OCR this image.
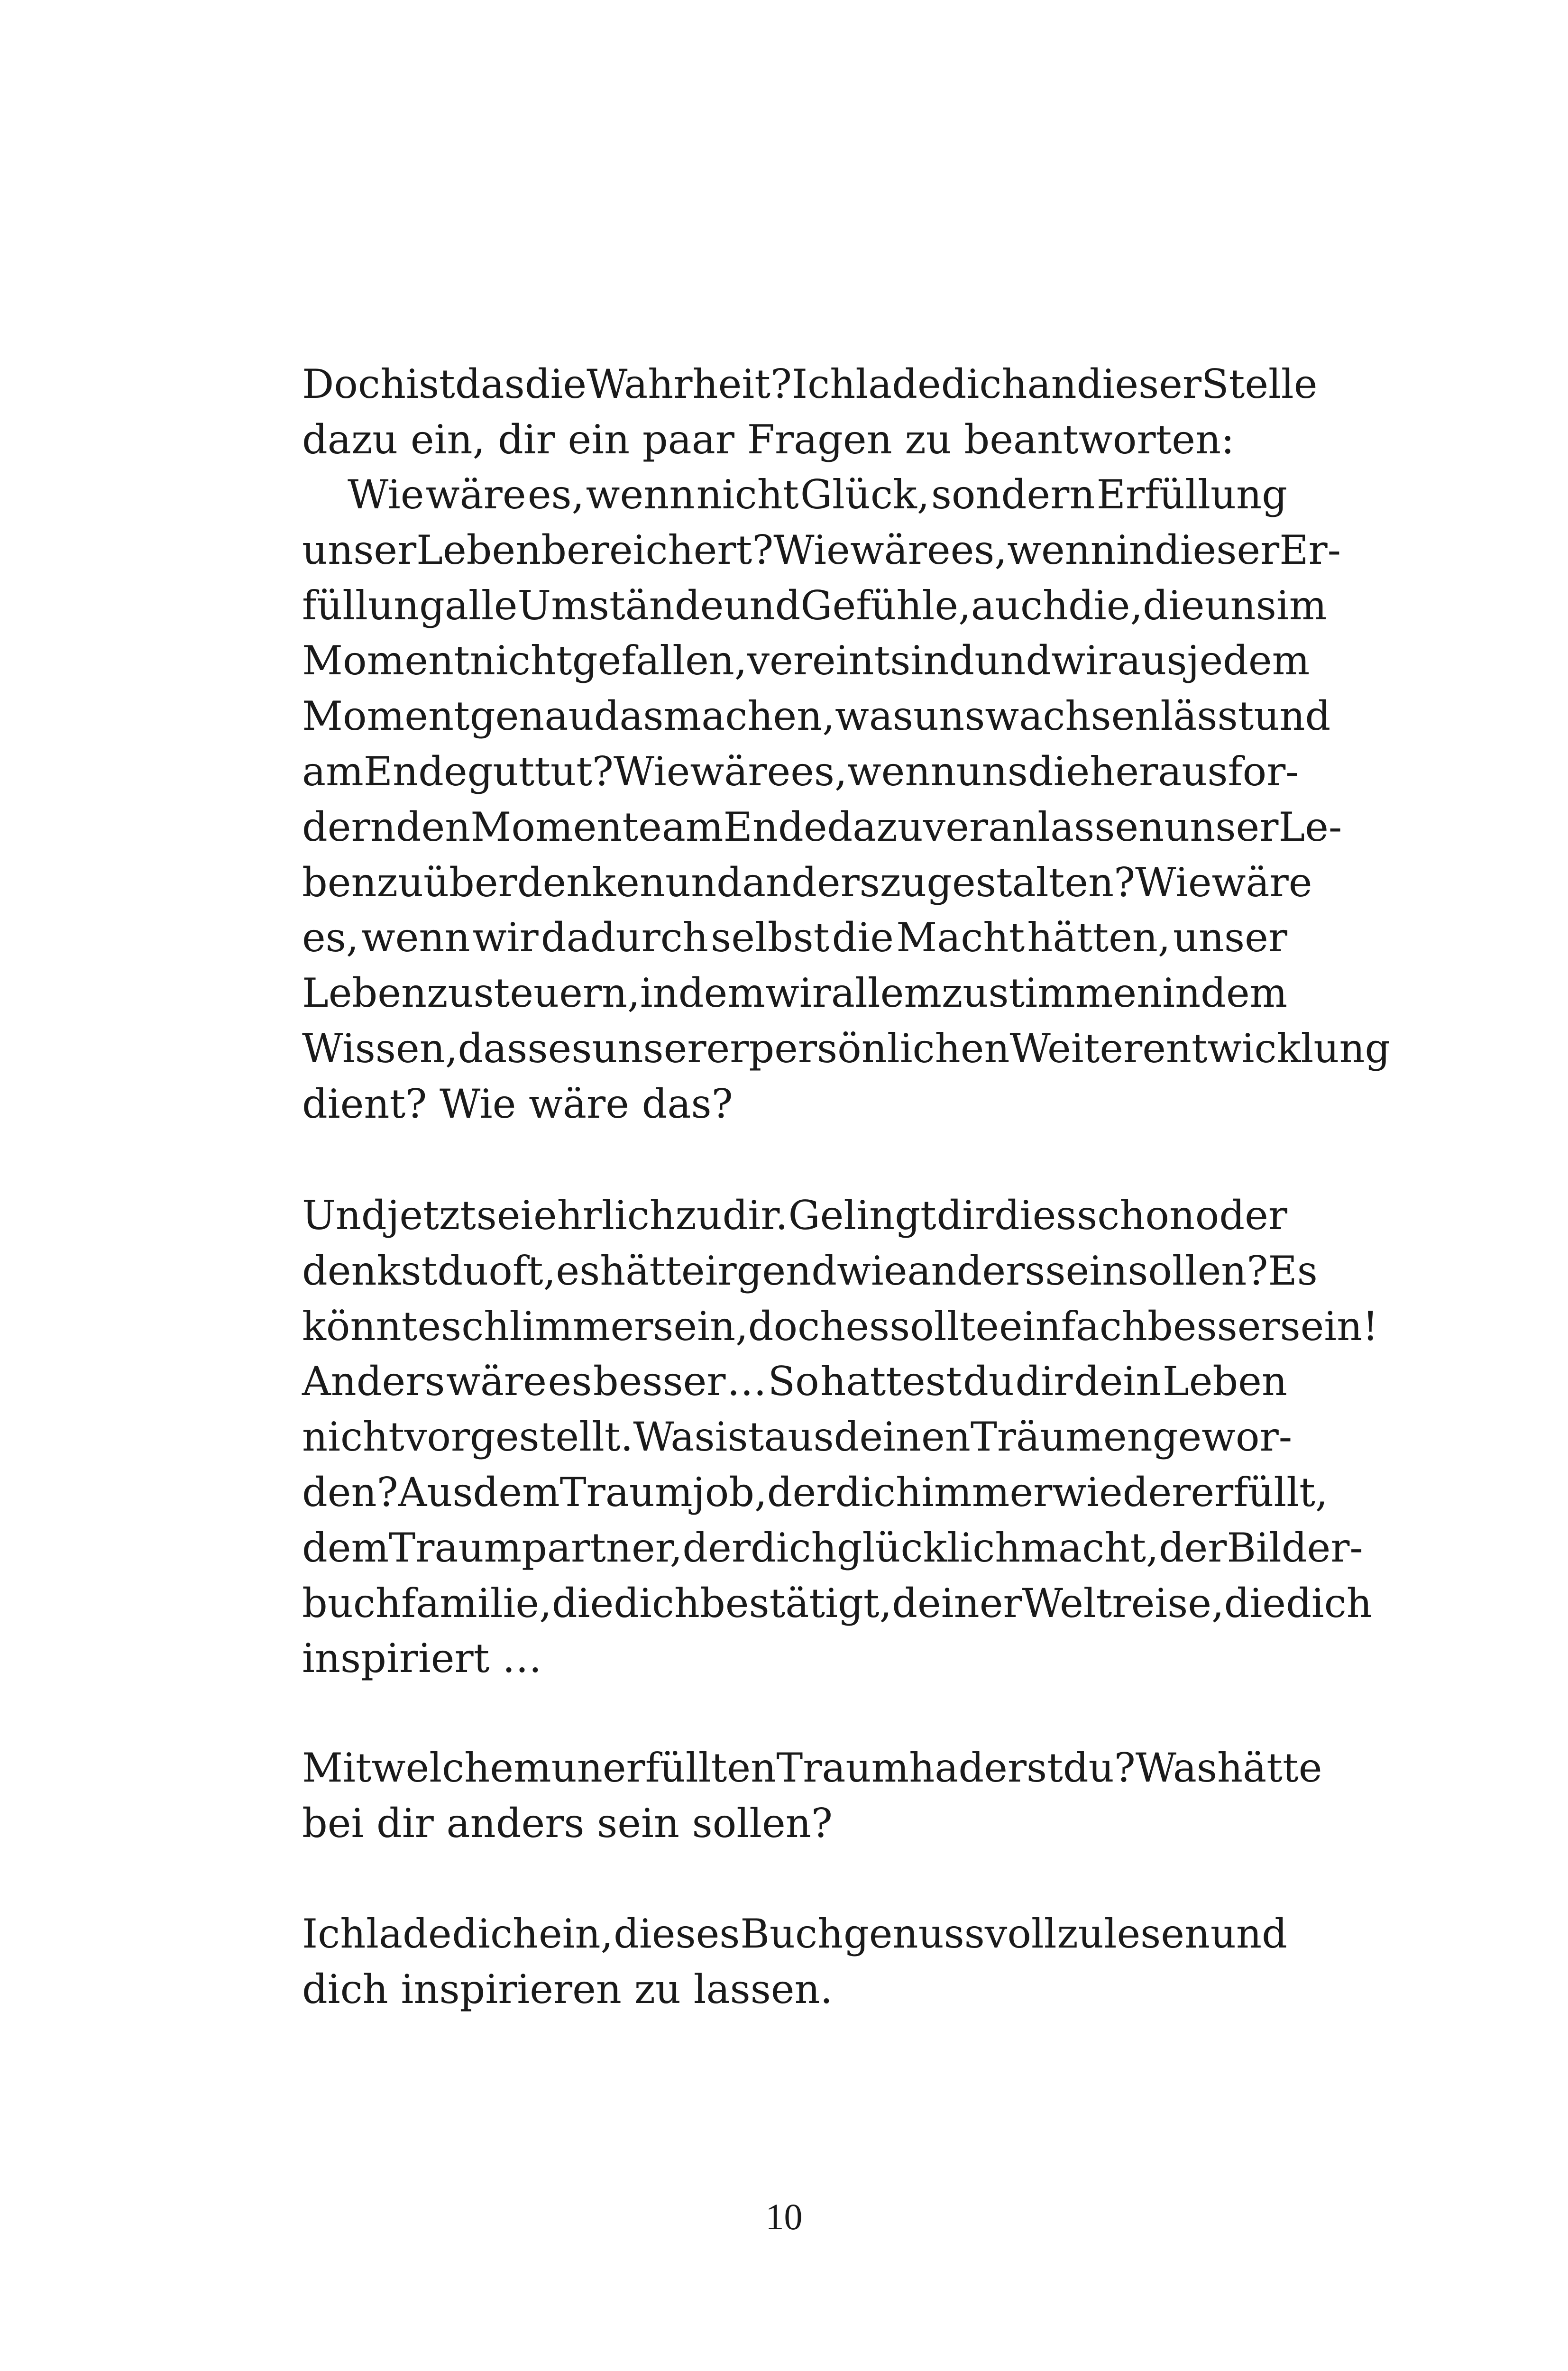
Doch ist das die Wahrheit? Ich lade dich an dieser Stelle
dazu ein, dir ein paar Fragen zu beantworten:
Wie wäre es, wenn nicht Glück, sondern Erfüllung
unser Leben bereichert? Wie wäre es, wenn in dieser Er-
füllung alle Umstände und Gefühle, auch die, die uns im
Moment nicht gefallen, vereint sind und wir aus jedem
Moment genau das machen, was uns wachsen lässt und
am Ende guttut? Wie wäre es, wenn uns die herausfor-
dernden Momente am Ende dazu veranlassen unser Le-
ben zu überdenken und anders zu gestalten? Wie wäre
es, wenn wir dadurch selbst die Macht hätten, unser
Leben zu steuern, indem wir allem zustimmen in dem
Wissen, dass es unserer persönlichen Weiterentwicklung
dient? Wie wäre das?
Und jetzt sei ehrlich zu dir. Gelingt dir dies schon oder
denkst du oft, es hätte irgendwie anders sein sollen? Es
könnte schlimmer sein, doch es sollte einfach besser sein!
Anders wäre es besser … So hattest du dir dein Leben
nicht vorgestellt. Was ist aus deinen Träumen gewor-
den? Aus dem Traumjob, der dich immer wieder erfüllt,
dem Traumpartner, der dich glücklich macht, der Bilder-
buchfamilie, die dich bestätigt, deiner Weltreise, die dich
inspiriert …
Mit welchem unerfüllten Traum haderst du? Was hätte
bei dir anders sein sollen?
Ich lade dich ein, dieses Buch genussvoll zu lesen und
dich inspirieren zu lassen.
10
